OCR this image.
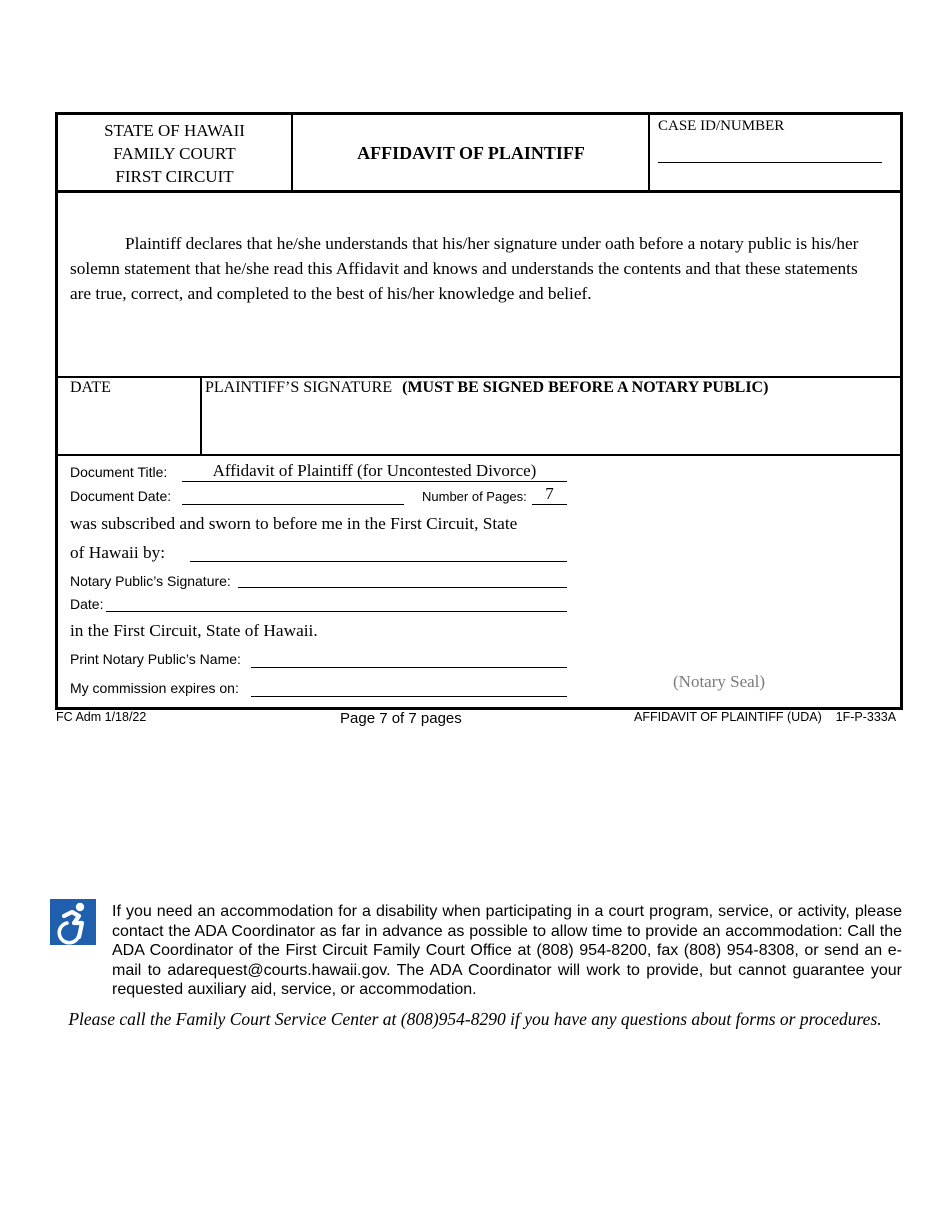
STATE OF HAWAII
FAMILY COURT
FIRST CIRCUIT
AFFIDAVIT OF PLAINTIFF
CASE ID/NUMBER

Plaintiff declares that he/she understands that his/her signature under oath before a notary public is his/her solemn statement that he/she read this Affidavit and knows and understands the contents and that these statements are true, correct, and completed to the best of his/her knowledge and belief.

DATE	PLAINTIFF’S SIGNATURE (MUST BE SIGNED BEFORE A NOTARY PUBLIC)
Document Title:	Affidavit of Plaintiff (for Uncontested Divorce)
Document Date:	Number of Pages:	7
was subscribed and sworn to before me in the First Circuit, State
of Hawaii by:
Notary Public’s Signature:
Date:
in the First Circuit, State of Hawaii.
Print Notary Public’s Name:
My commission expires on:	(Notary Seal)
FC Adm 1/18/22	Page 7 of 7 pages	AFFIDAVIT OF PLAINTIFF (UDA)    1F-P-333A
If you need an accommodation for a disability when participating in a court program, service, or activity, please contact the ADA Coordinator as far in advance as possible to allow time to provide an accommodation: Call the ADA Coordinator of the First Circuit Family Court Office at (808) 954-8200, fax (808) 954-8308, or send an e-mail to adarequest@courts.hawaii.gov. The ADA Coordinator will work to provide, but cannot guarantee your requested auxiliary aid, service, or accommodation.
Please call the Family Court Service Center at (808)954-8290 if you have any questions about forms or procedures.
